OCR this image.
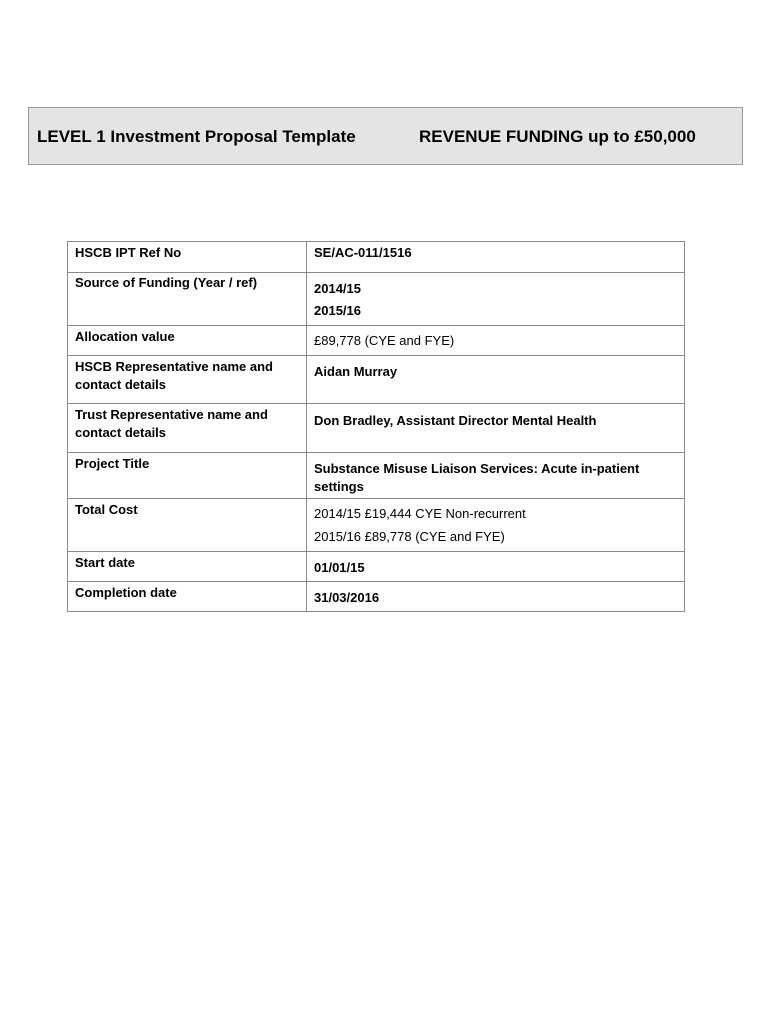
LEVEL 1 Investment Proposal Template	REVENUE FUNDING up to £50,000
HSCB IPT Ref No	SE/AC-011/1516

Source of Funding (Year / ref)	2014/15
2015/16

Allocation value	£89,778 (CYE and FYE)

HSCB Representative name and contact details	Aidan Murray

Trust Representative name and contact details	Don Bradley, Assistant Director Mental Health

Project Title	Substance Misuse Liaison Services: Acute in-patient settings

Total Cost	2014/15 £19,444 CYE Non-recurrent
2015/16 £89,778 (CYE and FYE)

Start date	01/01/15

Completion date	31/03/2016
